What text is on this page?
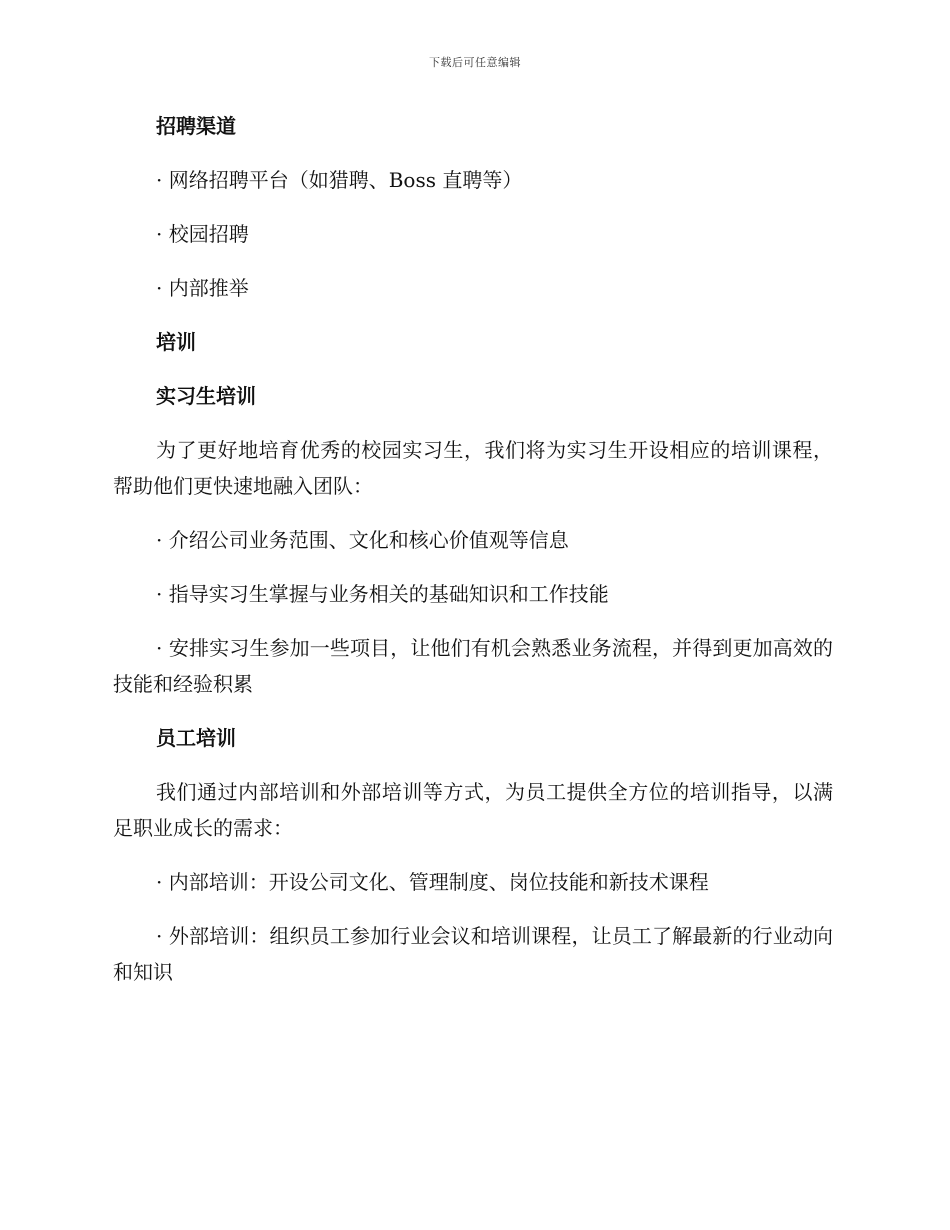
下载后可任意编辑
招聘渠道
· 网络招聘平台（如猎聘、Boss 直聘等）
· 校园招聘
· 内部推举
培训
实习生培训
为了更好地培育优秀的校园实习生，我们将为实习生开设相应的培训课程，帮助他们更快速地融入团队：
· 介绍公司业务范围、文化和核心价值观等信息
· 指导实习生掌握与业务相关的基础知识和工作技能
· 安排实习生参加一些项目，让他们有机会熟悉业务流程，并得到更加高效的技能和经验积累
员工培训
我们通过内部培训和外部培训等方式，为员工提供全方位的培训指导，以满足职业成长的需求：
· 内部培训：开设公司文化、管理制度、岗位技能和新技术课程
· 外部培训：组织员工参加行业会议和培训课程，让员工了解最新的行业动向和知识
